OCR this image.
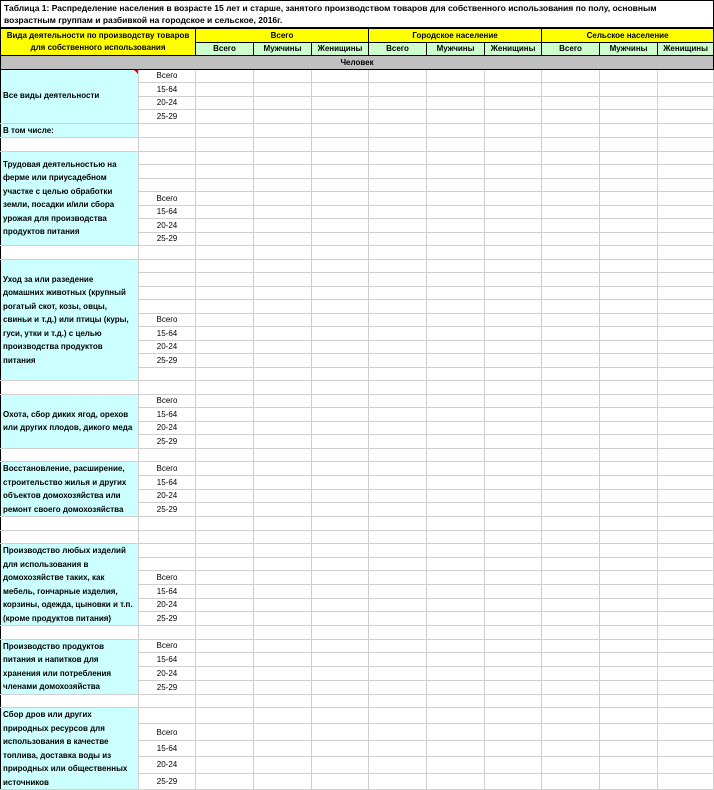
Таблица 1: Распределение населения в возрасте 15 лет и старше, занятого производством товаров для собственного использования по полу, основным возрастным группам и разбивкой на городское и сельское, 2016г.
Вида деятельности по производству товаров для собственного использования		Всего			Городское население			Сельское население		
		Всего	Мужчины	Женищины	Всего	Мужчины	Женищины	Всего	Мужчины	Женищины
Человек										

Все виды деятельности	Всего									
	15-64									
	20-24									
	25-29									
В том числе:										

Трудовая деятельностью на ферме или приусадебном участке с целью обработки земли, посадки и/или сбора урожая для производства продуктов питания										

	Всего									
	15-64									
	20-24									
	25-29									

Уход за или разедение домашних животных (крупный рогатый скот, козы, овцы, свиньи и т.д.) или птицы (куры, гуси, утки и т.д.) с целью производства продуктов питания										

	Всего									
	15-64									
	20-24									
	25-29									

Охота, сбор диких ягод, орехов или других плодов, дикого меда	Всего									
	15-64									
	20-24									
	25-29									

Восстановление, расширение, строительство жилья и других объектов домохозяйства или ремонт своего домохозяйства	Всего									
	15-64									
	20-24									
	25-29									

Производство любых изделий для использования в домохозяйстве таких, как мебель, гончарные изделия, корзины, одежда, цыновки и т.п. (кроме продуктов питания)										

	Всего									
	15-64									
	20-24									
	25-29									

Производство продуктов питания и напитков для хранения или потребления членами домохозяйства	Всего									
	15-64									
	20-24									
	25-29									

Сбор дров или других природных ресурсов для использования в качестве топлива, доставка воды из природных или общественных источников										
	Всего									
	15-64									
	20-24									
	25-29									
